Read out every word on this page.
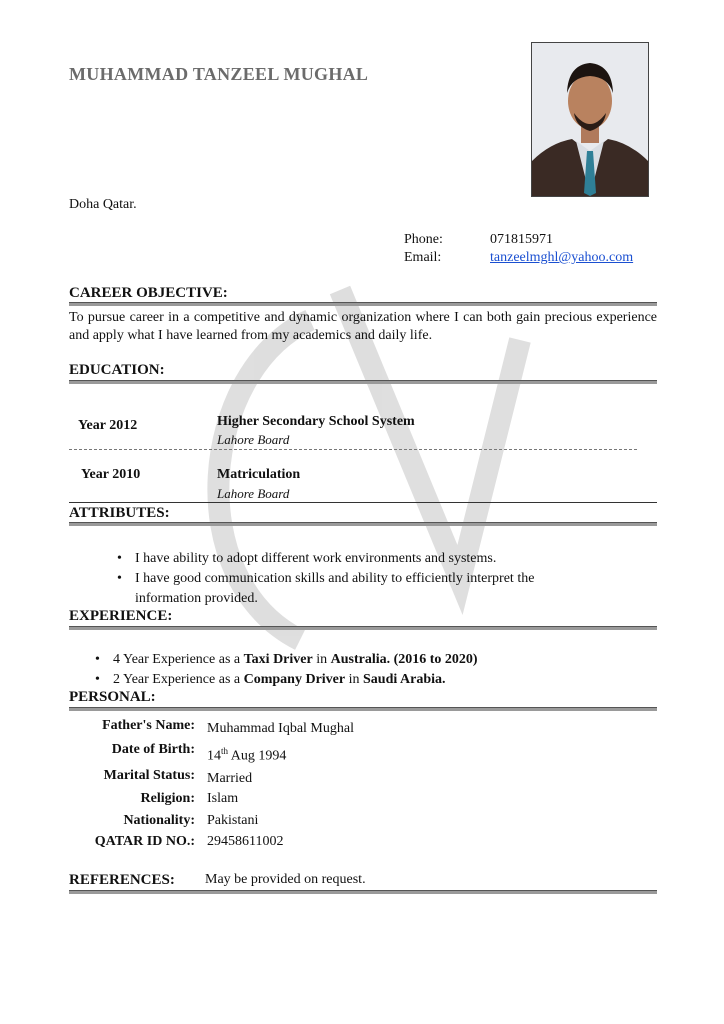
MUHAMMAD TANZEEL MUGHAL
Doha Qatar.
Phone:	071815971
Email:	tanzeelmghl@yahoo.com
CAREER OBJECTIVE:
To pursue career in a competitive and dynamic organization where I can both gain precious experience and apply what I have learned from my academics and daily life.
EDUCATION:
Year 2012	Higher Secondary School System
Lahore Board
Year 2010	Matriculation
Lahore Board
ATTRIBUTES:
• I have ability to adopt different work environments and systems.
• I have good communication skills and ability to efficiently interpret the information provided.
EXPERIENCE:
• 4 Year Experience as a Taxi Driver in Australia. (2016 to 2020)
• 2 Year Experience as a Company Driver in Saudi Arabia.
PERSONAL:
Father's Name: Muhammad Iqbal Mughal
Date of Birth: 14th Aug 1994
Marital Status: Married
Religion: Islam
Nationality: Pakistani
QATAR ID NO.: 29458611002
REFERENCES: May be provided on request.
